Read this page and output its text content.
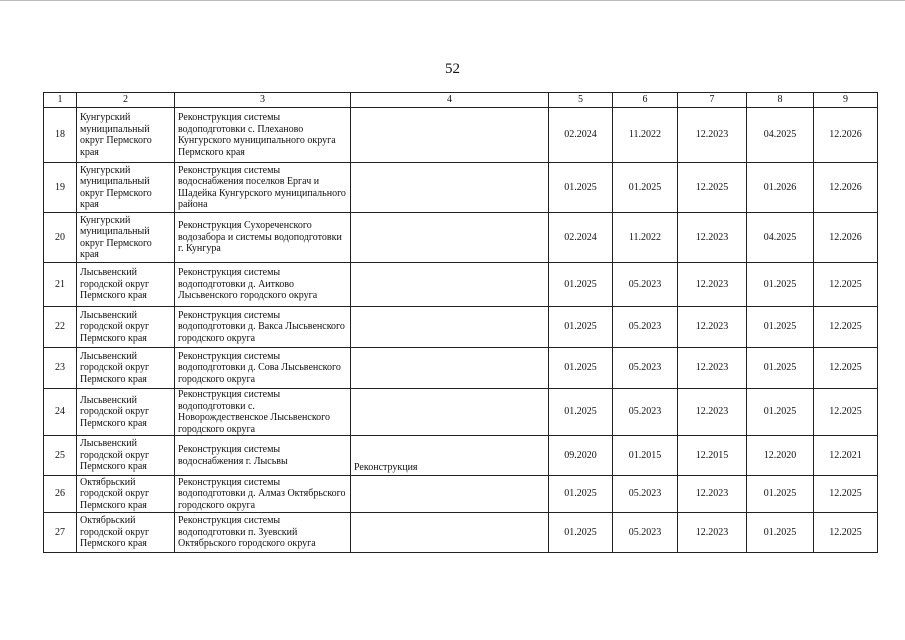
52
1	2	3	4	5	6	7	8	9
18	Кунгурский муниципальный округ Пермского края	Реконструкция системы водоподготовки с. Плеханово Кунгурского муниципального округа Пермского края		02.2024	11.2022	12.2023	04.2025	12.2026
19	Кунгурский муниципальный округ Пермского края	Реконструкция системы водоснабжения поселков Ергач и Шадейка Кунгурского муниципального района		01.2025	01.2025	12.2025	01.2026	12.2026
20	Кунгурский муниципальный округ Пермского края	Реконструкция Сухореченского водозабора и системы водоподготовки г. Кунгура		02.2024	11.2022	12.2023	04.2025	12.2026
21	Лысьвенский городской округ Пермского края	Реконструкция системы водоподготовки д. Аитково Лысьвенского городского округа		01.2025	05.2023	12.2023	01.2025	12.2025
22	Лысьвенский городской округ Пермского края	Реконструкция системы водоподготовки д. Вакса Лысьвенского городского округа		01.2025	05.2023	12.2023	01.2025	12.2025
23	Лысьвенский городской округ Пермского края	Реконструкция системы водоподготовки д. Сова Лысьвенского городского округа		01.2025	05.2023	12.2023	01.2025	12.2025
24	Лысьвенский городской округ Пермского края	Реконструкция системы водоподготовки с. Новорождественское Лысьвенского городского округа		01.2025	05.2023	12.2023	01.2025	12.2025
25	Лысьвенский городской округ Пермского края	Реконструкция системы водоснабжения г. Лысьвы	Реконструкция	09.2020	01.2015	12.2015	12.2020	12.2021
26	Октябрьский городской округ Пермского края	Реконструкция системы водоподготовки д. Алмаз Октябрьского городского округа		01.2025	05.2023	12.2023	01.2025	12.2025
27	Октябрьский городской округ Пермского края	Реконструкция системы водоподготовки п. Зуевский Октябрьского городского округа		01.2025	05.2023	12.2023	01.2025	12.2025
